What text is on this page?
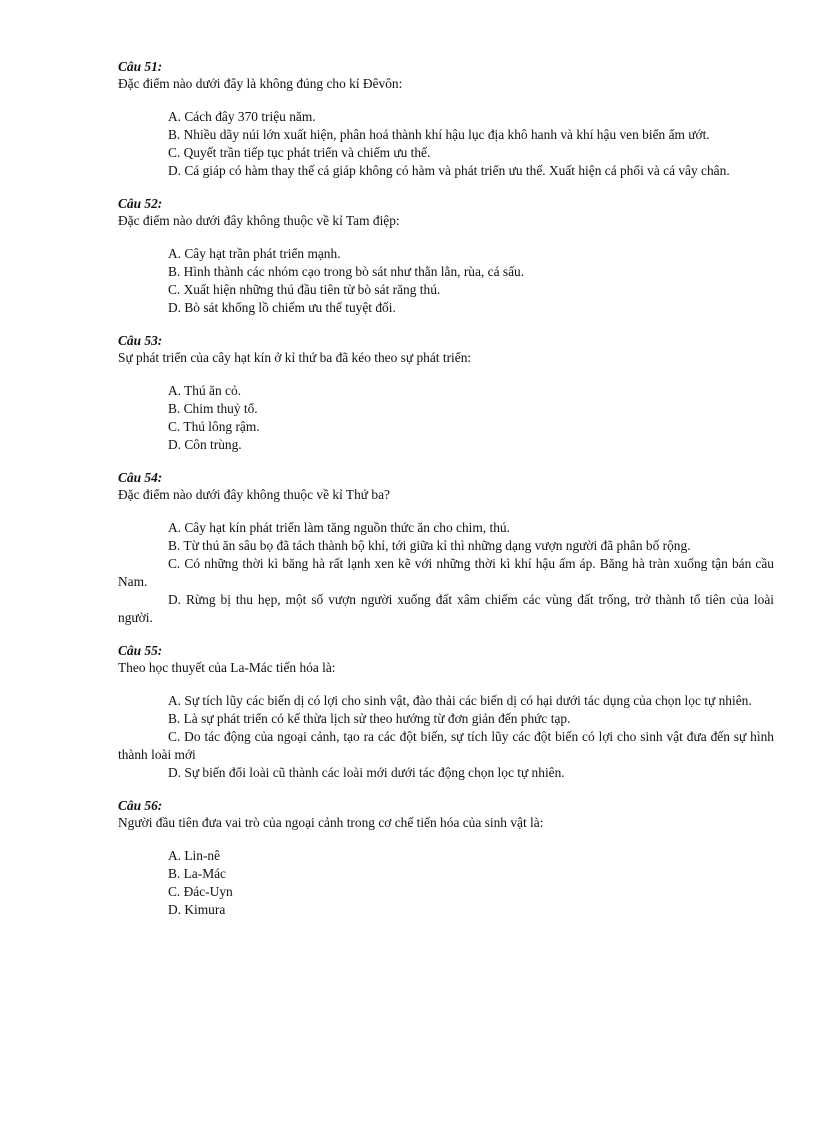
Câu 51:
Đặc điểm nào dưới đây là không đúng cho kỉ Đêvôn:
A. Cách đây 370 triệu năm.
B. Nhiều dãy núi lớn xuất hiện, phân hoá thành khí hậu lục địa khô hanh và khí hậu ven biển ẩm ướt.
C. Quyết trần tiếp tục phát triển và chiếm ưu thế.
D. Cá giáp có hàm thay thế cá giáp không có hàm và phát triển ưu thế. Xuất hiện cá phổi và cá vây chân.
Câu 52:
Đặc điểm nào dưới đây không thuộc về kỉ Tam điệp:
A. Cây hạt trần phát triển mạnh.
B. Hình thành các nhóm cạo trong bò sát như thằn lằn, rùa, cá sấu.
C. Xuất hiện những thú đầu tiên từ bò sát răng thú.
D. Bò sát khổng lồ chiếm ưu thế tuyệt đối.
Câu 53:
Sự phát triển của cây hạt kín ở kỉ thứ ba đã kéo theo sự phát triển:
A. Thú ăn cỏ.
B. Chim thuỷ tổ.
C. Thú lông rậm.
D. Côn trùng.
Câu 54:
Đặc điểm nào dưới đây không thuộc về kỉ Thứ ba?
A. Cây hạt kín phát triển làm tăng nguồn thức ăn cho chim, thú.
B. Từ thú ăn sâu bọ đã tách thành bộ khỉ, tới giữa kỉ thì những dạng vượn người đã phân bố rộng.
C. Có những thời kì băng hà rất lạnh xen kẽ với những thời kì khí hậu ấm áp. Băng hà tràn xuống tận bán cầu Nam.
D. Rừng bị thu hẹp, một số vượn người xuống đất xâm chiếm các vùng đất trống, trở thành tổ tiên của loài người.
Câu 55:
Theo học thuyết của La-Mác tiến hóa là:
A. Sự tích lũy các biến dị có lợi cho sinh vật, đào thải các biến dị có hại dưới tác dụng của chọn lọc tự nhiên.
B. Là sự phát triển có kế thừa lịch sử theo hướng từ đơn giản đến phức tạp.
C. Do tác động của ngoại cảnh, tạo ra các đột biến, sự tích lũy các đột biến có lợi cho sinh vật đưa đến sự hình thành loài mới
D. Sự biến đổi loài cũ thành các loài mới dưới tác động chọn lọc tự nhiên.
Câu 56:
Người đầu tiên đưa vai trò của ngoại cảnh trong cơ chế tiến hóa của sinh vật là:
A. Lin-nê
B. La-Mác
C. Đác-Uyn
D. Kimura
